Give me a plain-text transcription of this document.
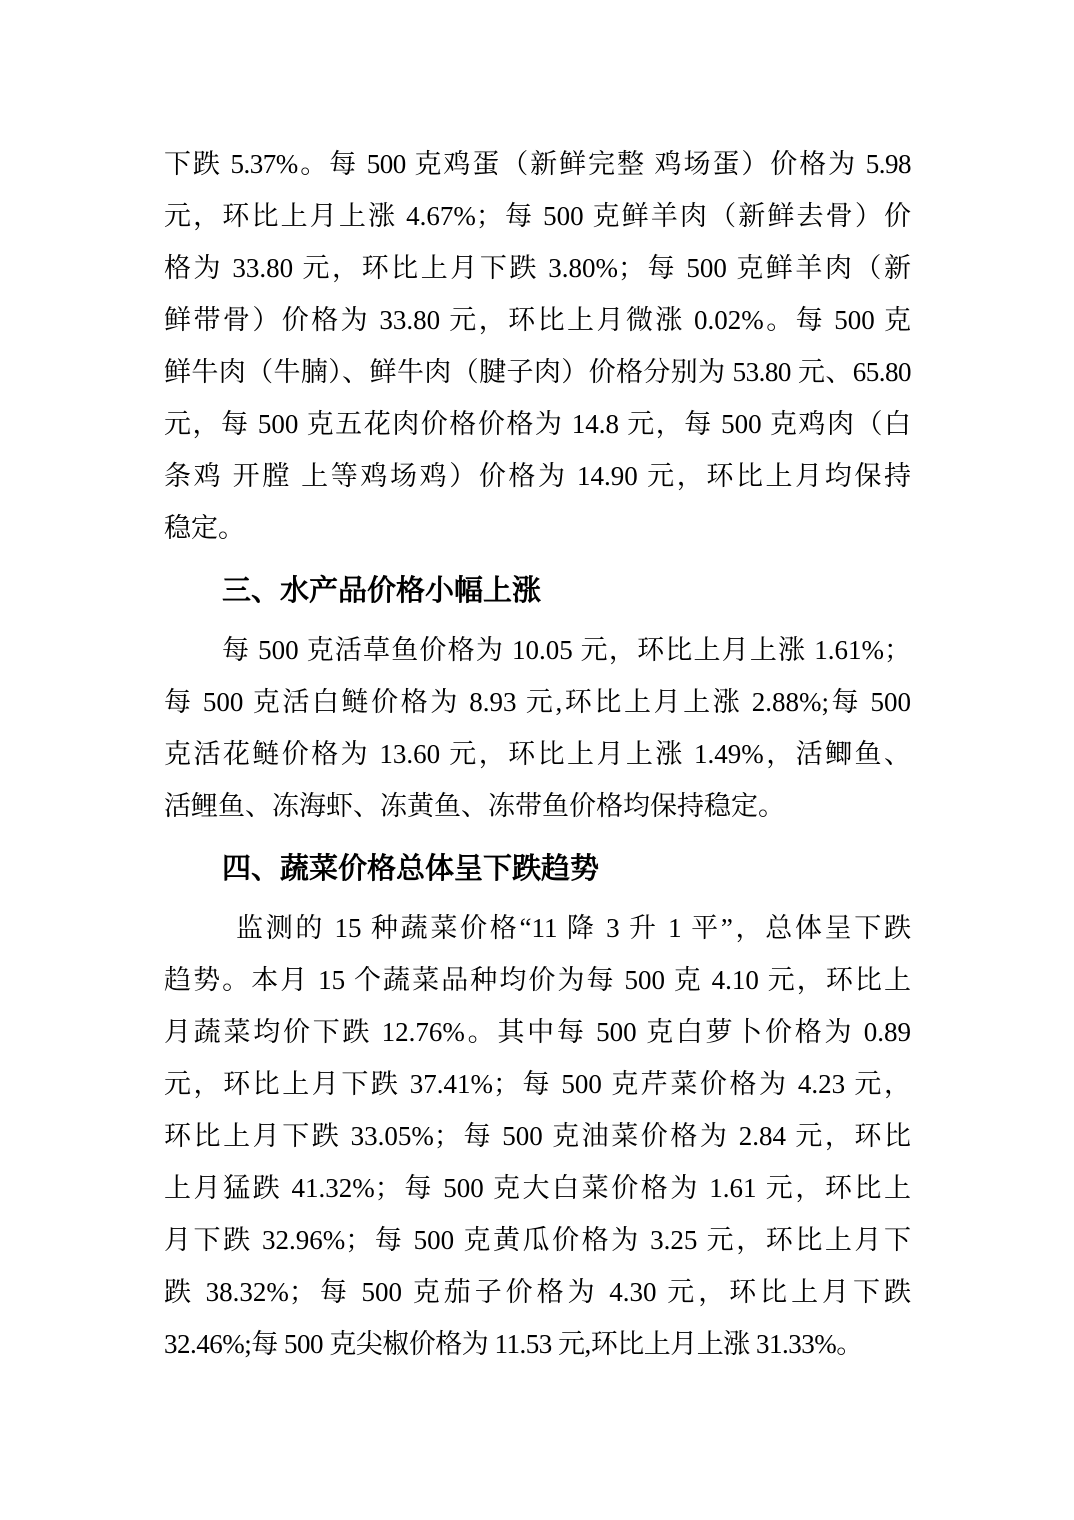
下跌 5.37%。每 500 克鸡蛋（新鲜完整 鸡场蛋）价格为 5.98
元，环比上月上涨 4.67%；每 500 克鲜羊肉（新鲜去骨）价
格为 33.80 元，环比上月下跌 3.80%；每 500 克鲜羊肉（新
鲜带骨）价格为 33.80 元，环比上月微涨 0.02%。每 500 克
鲜牛肉（牛腩）、鲜牛肉（腱子肉）价格分别为 53.80 元、65.80
元，每 500 克五花肉价格价格为 14.8 元，每 500 克鸡肉（白
条鸡 开膛 上等鸡场鸡）价格为 14.90 元，环比上月均保持
稳定。
三、水产品价格小幅上涨
每 500 克活草鱼价格为 10.05 元，环比上月上涨 1.61%；
每 500 克活白鲢价格为 8.93 元,环比上月上涨 2.88%;每 500
克活花鲢价格为 13.60 元，环比上月上涨 1.49%，活鲫鱼、
活鲤鱼、冻海虾、冻黄鱼、冻带鱼价格均保持稳定。
四、蔬菜价格总体呈下跌趋势
监测的 15 种蔬菜价格“11 降 3 升 1 平”，总体呈下跌
趋势。本月 15 个蔬菜品种均价为每 500 克 4.10 元，环比上
月蔬菜均价下跌 12.76%。其中每 500 克白萝卜价格为 0.89
元，环比上月下跌 37.41%；每 500 克芹菜价格为 4.23 元，
环比上月下跌 33.05%；每 500 克油菜价格为 2.84 元，环比
上月猛跌 41.32%；每 500 克大白菜价格为 1.61 元，环比上
月下跌 32.96%；每 500 克黄瓜价格为 3.25 元，环比上月下
跌 38.32%；每 500 克茄子价格为 4.30 元，环比上月下跌
32.46%;每 500 克尖椒价格为 11.53 元,环比上月上涨 31.33%。
